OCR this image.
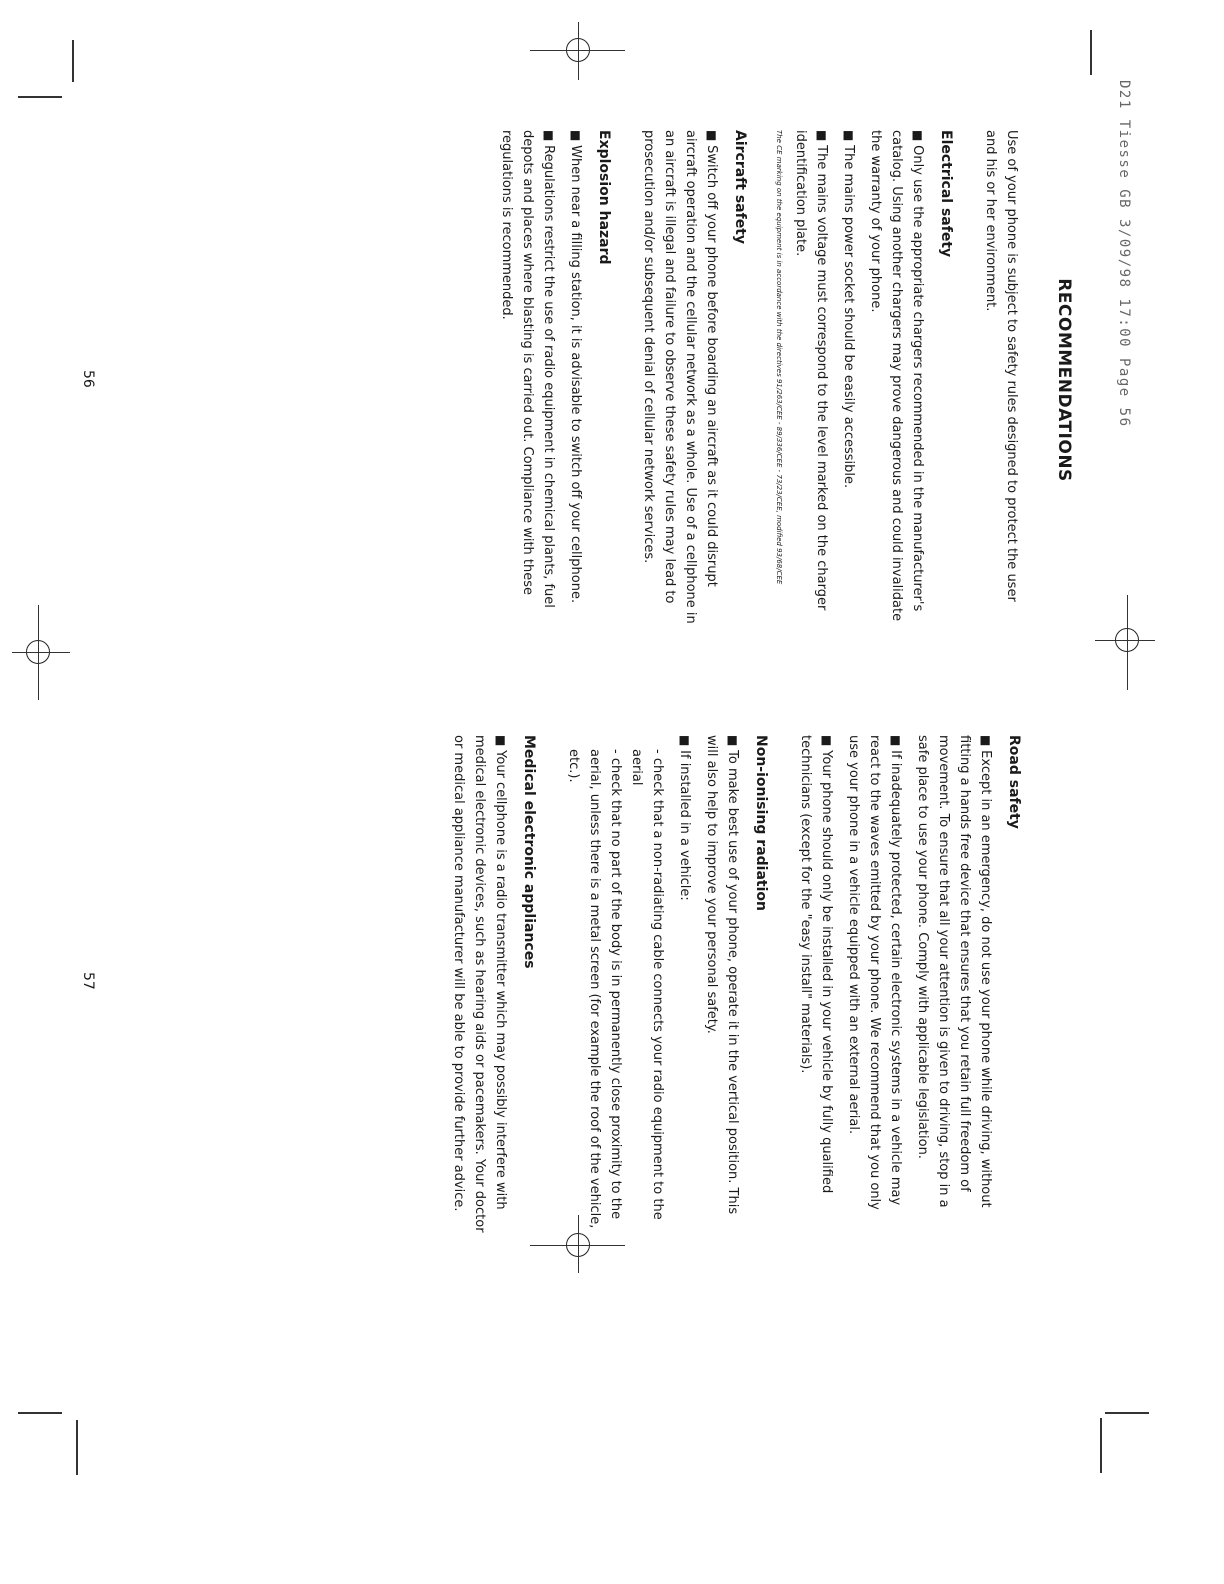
D21 Tiesse GB 3/09/98 17:00 Page 56
RECOMMENDATIONS

Use of your phone is subject to safety rules designed to protect the user and his or her environment.

Electrical safety

■ Only use the appropriate chargers recommended in the manufacturer's catalog. Using another chargers may prove dangerous and could invalidate the warranty of your phone.

■ The mains power socket should be easily accessible.

■ The mains voltage must correspond to the level marked on the charger identification plate.

The CE marking on the equipment is in accordance with the directives 91/263/CEE - 89/336/CEE - 73/23/CEE, modified 93/68/CEE

Aircraft safety

■ Switch off your phone before boarding an aircraft as it could disrupt aircraft operation and the cellular network as a whole. Use of a cellphone in an aircraft is illegal and failure to observe these safety rules may lead to prosecution and/or subsequent denial of cellular network services.

Explosion hazard

■ When near a filling station, it is advisable to switch off your cellphone.

■ Regulations restrict the use of radio equipment in chemical plants, fuel depots and places where blasting is carried out. Compliance with these regulations is recommended.

Road safety

■ Except in an emergency, do not use your phone while driving, without fitting a hands free device that ensures that you retain full freedom of movement. To ensure that all your attention is given to driving, stop in a safe place to use your phone. Comply with applicable legislation.

■ If inadequately protected, certain electronic systems in a vehicle may react to the waves emitted by your phone. We recommend that you only use your phone in a vehicle equipped with an external aerial.

■ Your phone should only be installed in your vehicle by fully qualified technicians (except for the "easy install" materials).

Non-ionising radiation

■ To make best use of your phone, operate it in the vertical position. This will also help to improve your personal safety.

■ If installed in a vehicle:

- check that a non-radiating cable connects your radio equipment to the aerial

- check that no part of the body is in permanently close proximity to the aerial, unless there is a metal screen (for example the roof of the vehicle, etc.).

Medical electronic appliances

■ Your cellphone is a radio transmitter which may possibly interfere with medical electronic devices, such as hearing aids or pacemakers. Your doctor or medical appliance manufacturer will be able to provide further advice.

56
57
